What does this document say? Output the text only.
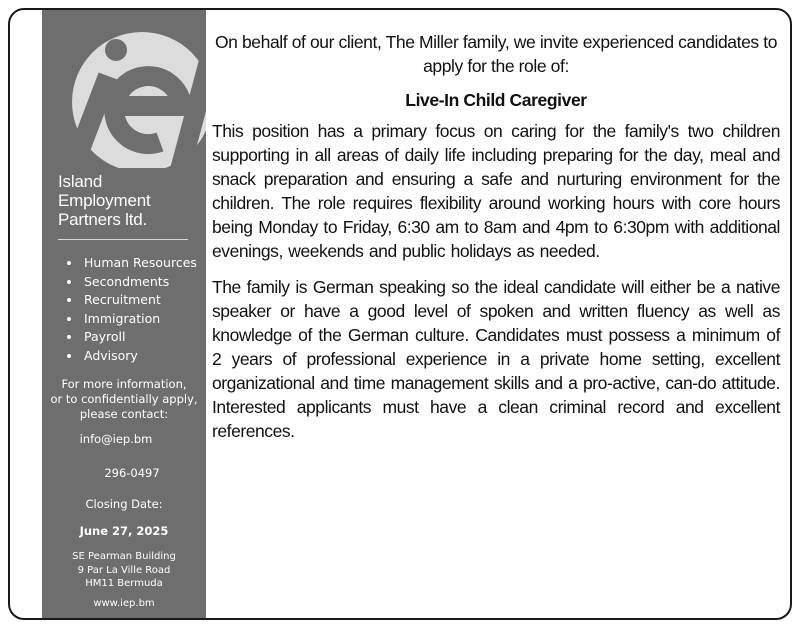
Island
Employment
Partners ltd.
Human Resources
Secondments
Recruitment
Immigration
Payroll
Advisory
For more information,
or to confidentially apply,
please contact:
info@iep.bm
296-0497
Closing Date:
June 27, 2025
SE Pearman Building
9 Par La Ville Road
HM11 Bermuda
www.iep.bm
On behalf of our client, The Miller family, we invite experienced candidates to apply for the role of:
Live-In Child Caregiver
This position has a primary focus on caring for the family's two children supporting in all areas of daily life including preparing for the day, meal and snack preparation and ensuring a safe and nurturing environment for the children. The role requires flexibility around working hours with core hours being Monday to Friday, 6:30 am to 8am and 4pm to 6:30pm with additional evenings, weekends and public holidays as needed.
The family is German speaking so the ideal candidate will either be a native speaker or have a good level of spoken and written fluency as well as knowledge of the German culture. Candidates must possess a minimum of 2 years of professional experience in a private home setting, excellent organizational and time management skills and a pro-active, can-do attitude. Interested applicants must have a clean criminal record and excellent references.
